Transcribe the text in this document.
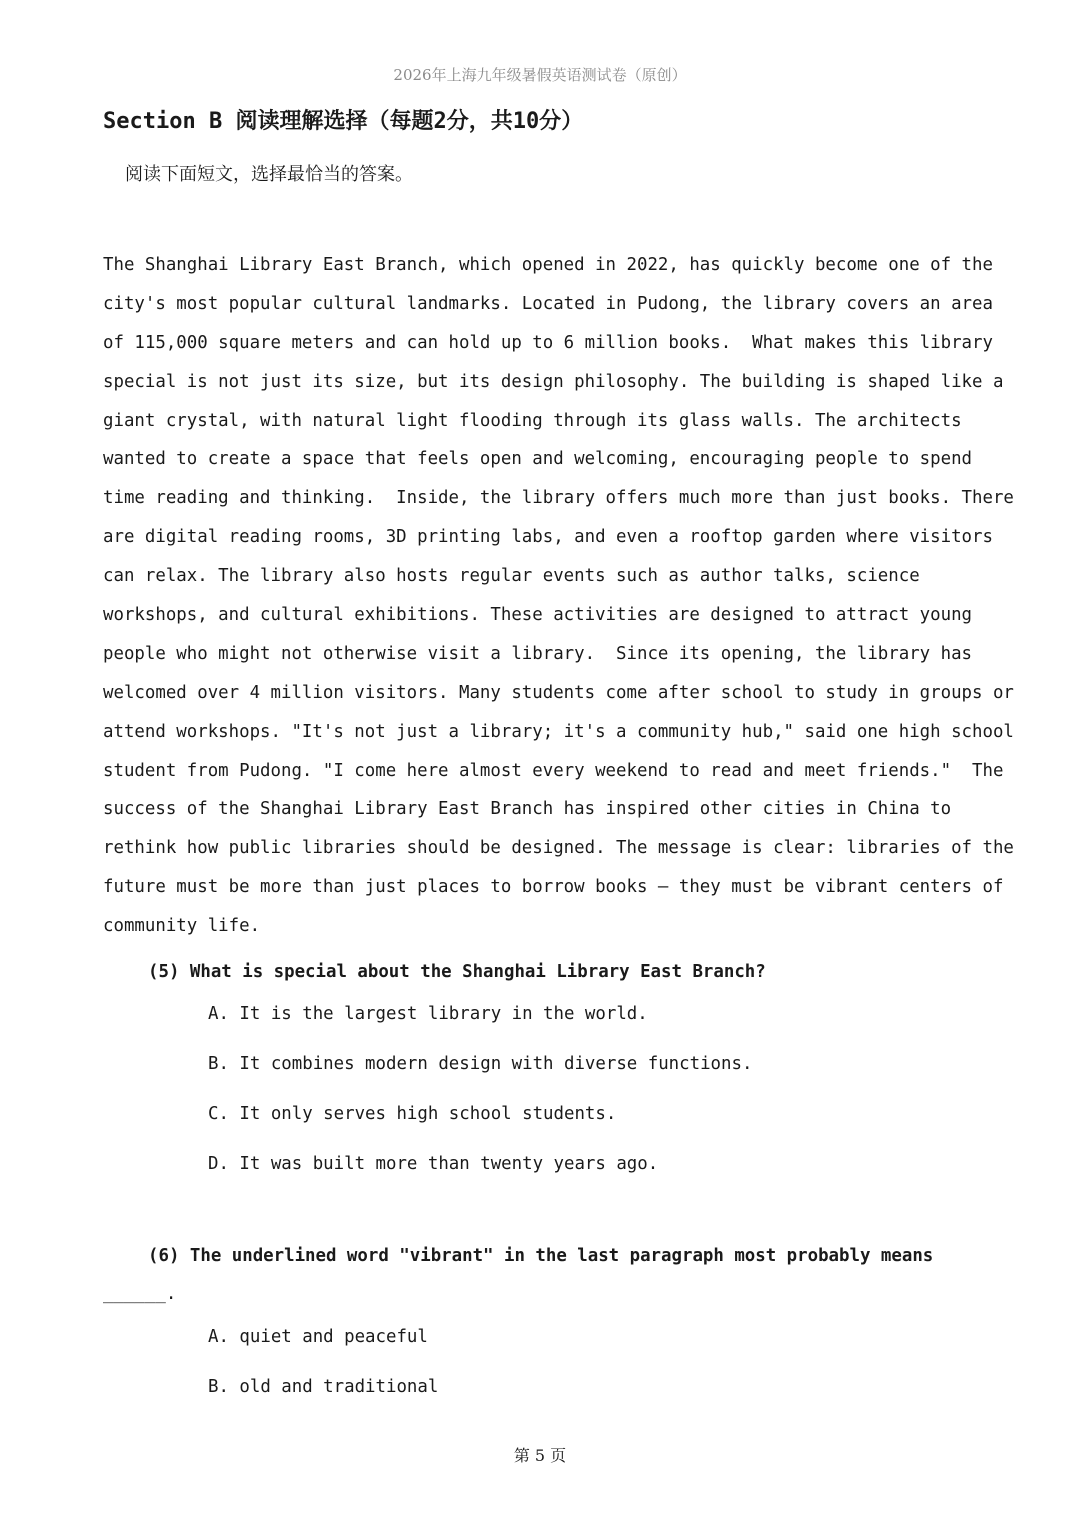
2026年上海九年级暑假英语测试卷（原创）
Section B 阅读理解选择（每题2分，共10分）
阅读下面短文，选择最恰当的答案。
The Shanghai Library East Branch, which opened in 2022, has quickly become one of the
city's most popular cultural landmarks. Located in Pudong, the library covers an area
of 115,000 square meters and can hold up to 6 million books.  What makes this library
special is not just its size, but its design philosophy. The building is shaped like a
giant crystal, with natural light flooding through its glass walls. The architects
wanted to create a space that feels open and welcoming, encouraging people to spend
time reading and thinking.  Inside, the library offers much more than just books. There
are digital reading rooms, 3D printing labs, and even a rooftop garden where visitors
can relax. The library also hosts regular events such as author talks, science
workshops, and cultural exhibitions. These activities are designed to attract young
people who might not otherwise visit a library.  Since its opening, the library has
welcomed over 4 million visitors. Many students come after school to study in groups or
attend workshops. "It's not just a library; it's a community hub," said one high school
student from Pudong. "I come here almost every weekend to read and meet friends."  The
success of the Shanghai Library East Branch has inspired other cities in China to
rethink how public libraries should be designed. The message is clear: libraries of the
future must be more than just places to borrow books — they must be vibrant centers of
community life.
(5) What is special about the Shanghai Library East Branch?
A. It is the largest library in the world.
B. It combines modern design with diverse functions.
C. It only serves high school students.
D. It was built more than twenty years ago.
(6) The underlined word "vibrant" in the last paragraph most probably means
______.
A. quiet and peaceful
B. old and traditional
第 5 页
